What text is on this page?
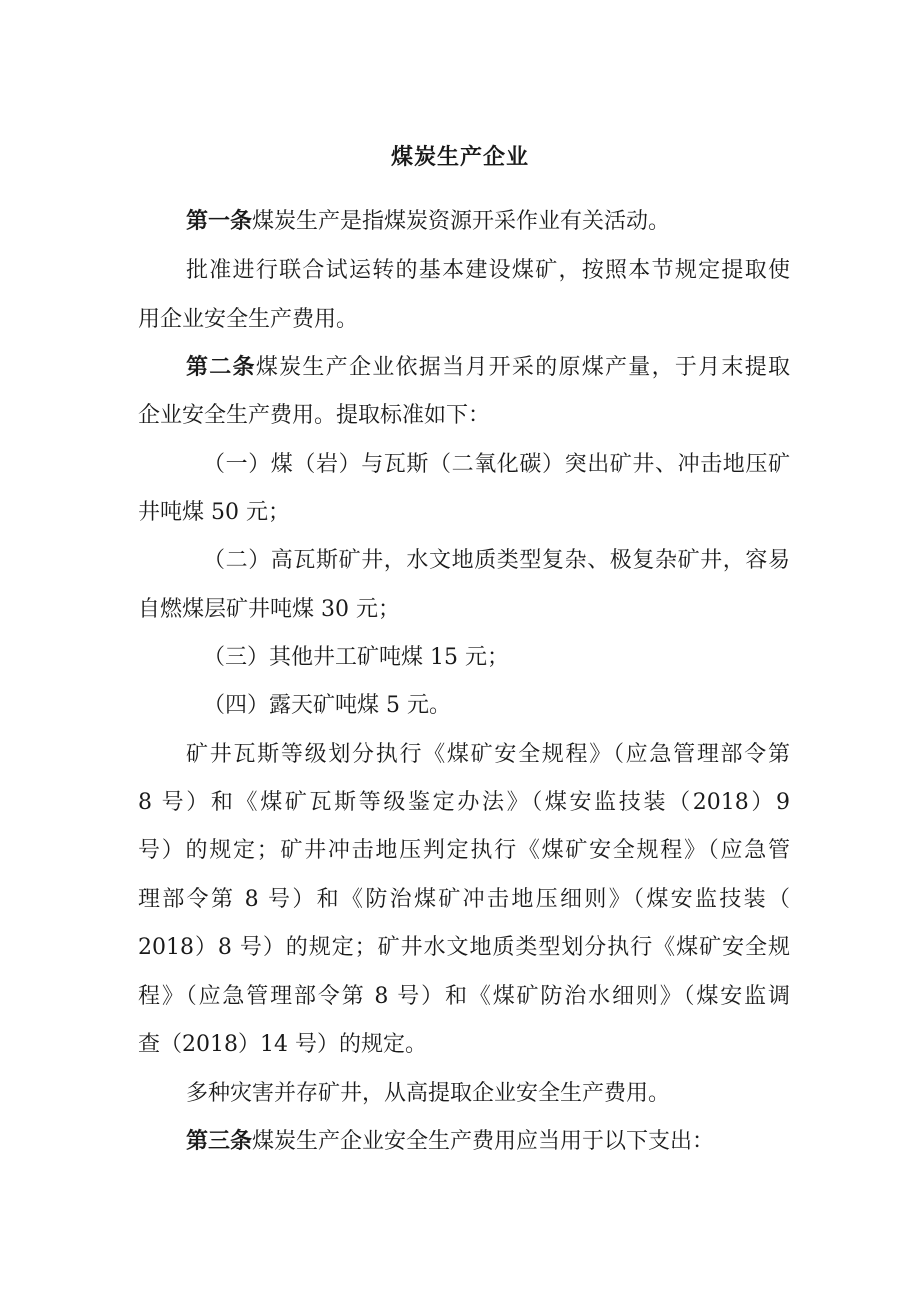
煤炭生产企业
第一条煤炭生产是指煤炭资源开采作业有关活动。
批准进行联合试运转的基本建设煤矿，按照本节规定提取使
用企业安全生产费用。
第二条煤炭生产企业依据当月开采的原煤产量，于月末提取
企业安全生产费用。提取标准如下：
（一）煤（岩）与瓦斯（二氧化碳）突出矿井、冲击地压矿
井吨煤 50 元；
（二）高瓦斯矿井，水文地质类型复杂、极复杂矿井，容易
自燃煤层矿井吨煤 30 元；
（三）其他井工矿吨煤 15 元；
（四）露天矿吨煤 5 元。
矿井瓦斯等级划分执行《煤矿安全规程》（应急管理部令第
8 号）和《煤矿瓦斯等级鉴定办法》（煤安监技装（2018）9
号）的规定；矿井冲击地压判定执行《煤矿安全规程》（应急管
理部令第 8 号）和《防治煤矿冲击地压细则》（煤安监技装（
2018）8 号）的规定；矿井水文地质类型划分执行《煤矿安全规
程》（应急管理部令第 8 号）和《煤矿防治水细则》（煤安监调
查（2018）14 号）的规定。
多种灾害并存矿井，从高提取企业安全生产费用。
第三条煤炭生产企业安全生产费用应当用于以下支出：
